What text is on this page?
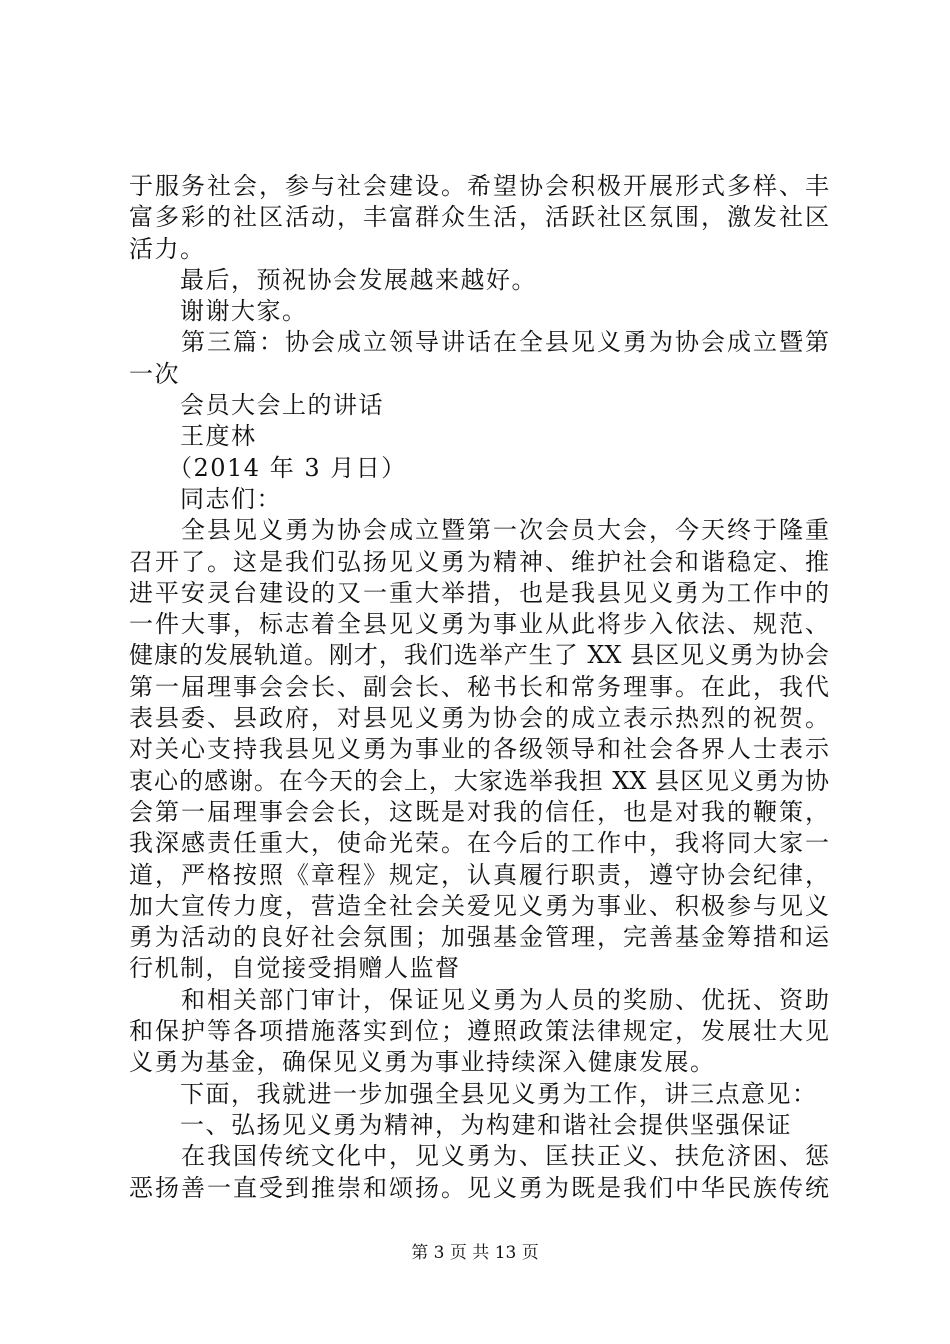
于服务社会，参与社会建设。希望协会积极开展形式多样、丰
富多彩的社区活动，丰富群众生活，活跃社区氛围，激发社区
活力。
　　最后，预祝协会发展越来越好。
　　谢谢大家。
　　第三篇：协会成立领导讲话在全县见义勇为协会成立暨第
一次
　　会员大会上的讲话
　　王度林
　　（2014 年 3 月日）
　　同志们：
　　全县见义勇为协会成立暨第一次会员大会，今天终于隆重
召开了。这是我们弘扬见义勇为精神、维护社会和谐稳定、推
进平安灵台建设的又一重大举措，也是我县见义勇为工作中的
一件大事，标志着全县见义勇为事业从此将步入依法、规范、
健康的发展轨道。刚才，我们选举产生了 XX 县区见义勇为协会
第一届理事会会长、副会长、秘书长和常务理事。在此，我代
表县委、县政府，对县见义勇为协会的成立表示热烈的祝贺。
对关心支持我县见义勇为事业的各级领导和社会各界人士表示
衷心的感谢。在今天的会上，大家选举我担 XX 县区见义勇为协
会第一届理事会会长，这既是对我的信任，也是对我的鞭策，
我深感责任重大，使命光荣。在今后的工作中，我将同大家一
道，严格按照《章程》规定，认真履行职责，遵守协会纪律，
加大宣传力度，营造全社会关爱见义勇为事业、积极参与见义
勇为活动的良好社会氛围；加强基金管理，完善基金筹措和运
行机制，自觉接受捐赠人监督
　　和相关部门审计，保证见义勇为人员的奖励、优抚、资助
和保护等各项措施落实到位；遵照政策法律规定，发展壮大见
义勇为基金，确保见义勇为事业持续深入健康发展。
　　下面，我就进一步加强全县见义勇为工作，讲三点意见：
　　一、弘扬见义勇为精神，为构建和谐社会提供坚强保证
　　在我国传统文化中，见义勇为、匡扶正义、扶危济困、惩
恶扬善一直受到推崇和颂扬。见义勇为既是我们中华民族传统
第 3 页 共 13 页
